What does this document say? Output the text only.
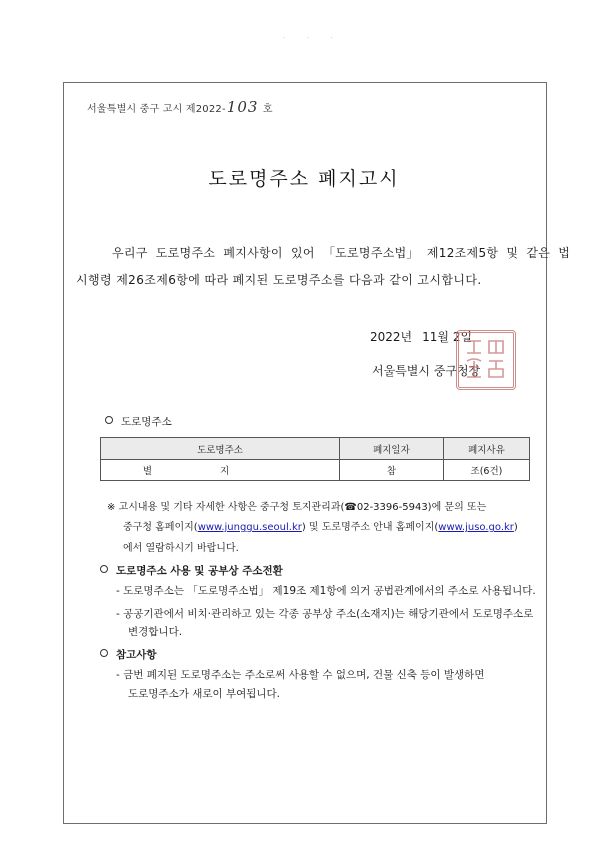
· · ·
서울특별시 중구 고시 제2022-103 호
도로명주소 폐지고시
우리구 도로명주소 폐지사항이 있어 「도로명주소법」 제12조제5항 및 같은 법
시행령 제26조제6항에 따라 폐지된 도로명주소를 다음과 같이 고시합니다.
2022년 11월 2일
서울특별시 중구청장
도로명주소
도로명주소	폐지일자	폐지사유
별지	참	조(6건)
※ 고시내용 및 기타 자세한 사항은 중구청 토지관리과(☎02-3396-5943)에 문의 또는
중구청 홈페이지(www.junggu.seoul.kr) 및 도로명주소 안내 홈페이지(www.juso.go.kr)
에서 열람하시기 바랍니다.
도로명주소 사용 및 공부상 주소전환
- 도로명주소는 「도로명주소법」 제19조 제1항에 의거 공법관계에서의 주소로 사용됩니다.
- 공공기관에서 비치·관리하고 있는 각종 공부상 주소(소재지)는 해당기관에서 도로명주소로
변경합니다.
참고사항
- 금번 폐지된 도로명주소는 주소로써 사용할 수 없으며, 건물 신축 등이 발생하면
도로명주소가 새로이 부여됩니다.
